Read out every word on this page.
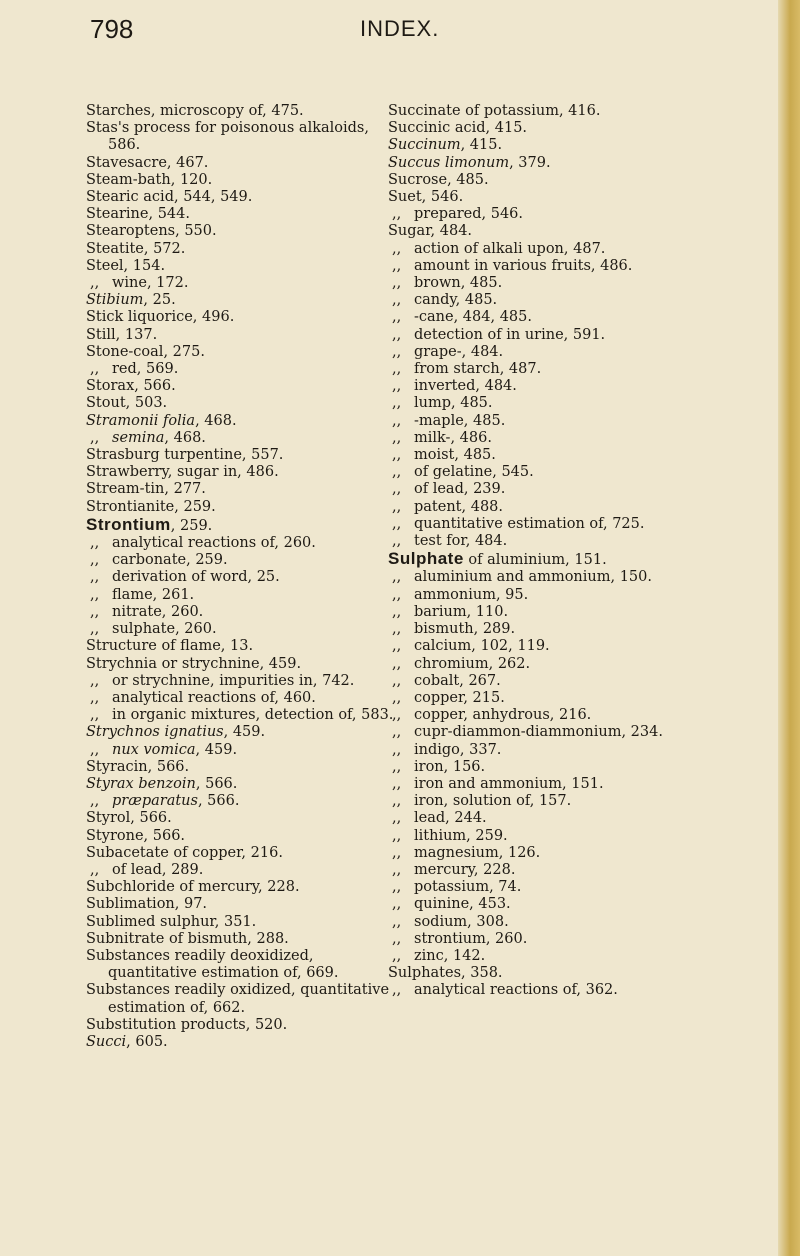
798	INDEX.
Starches, microscopy of, 475.
Stas's process for poisonous alkaloids, 586.
Stavesacre, 467.
Steam-bath, 120.
Stearic acid, 544, 549.
Stearine, 544.
Stearoptens, 550.
Steatite, 572.
Steel, 154.
,, wine, 172.
Stibium, 25.
Stick liquorice, 496.
Still, 137.
Stone-coal, 275.
,, red, 569.
Storax, 566.
Stout, 503.
Stramonii folia, 468.
,, semina, 468.
Strasburg turpentine, 557.
Strawberry, sugar in, 486.
Stream-tin, 277.
Strontianite, 259.
Strontium, 259.
,, analytical reactions of, 260.
,, carbonate, 259.
,, derivation of word, 25.
,, flame, 261.
,, nitrate, 260.
,, sulphate, 260.
Structure of flame, 13.
Strychnia or strychnine, 459.
,, or strychnine, impurities in, 742.
,, analytical reactions of, 460.
,, in organic mixtures, detection of, 583.
Strychnos ignatius, 459.
,, nux vomica, 459.
Styracin, 566.
Styrax benzoin, 566.
,, præparatus, 566.
Styrol, 566.
Styrone, 566.
Subacetate of copper, 216.
,, of lead, 289.
Subchloride of mercury, 228.
Sublimation, 97.
Sublimed sulphur, 351.
Subnitrate of bismuth, 288.
Substances readily deoxidized, quantitative estimation of, 669.
Substances readily oxidized, quantitative estimation of, 662.
Substitution products, 520.
Succi, 605.
Succinate of potassium, 416.
Succinic acid, 415.
Succinum, 415.
Succus limonum, 379.
Sucrose, 485.
Suet, 546.
,, prepared, 546.
Sugar, 484.
,, action of alkali upon, 487.
,, amount in various fruits, 486.
,, brown, 485.
,, candy, 485.
,, -cane, 484, 485.
,, detection of in urine, 591.
,, grape-, 484.
,, from starch, 487.
,, inverted, 484.
,, lump, 485.
,, -maple, 485.
,, milk-, 486.
,, moist, 485.
,, of gelatine, 545.
,, of lead, 239.
,, patent, 488.
,, quantitative estimation of, 725.
,, test for, 484.
Sulphate of aluminium, 151.
,, aluminium and ammonium, 150.
,, ammonium, 95.
,, barium, 110.
,, bismuth, 289.
,, calcium, 102, 119.
,, chromium, 262.
,, cobalt, 267.
,, copper, 215.
,, copper, anhydrous, 216.
,, cupr-diammon-diammonium, 234.
,, indigo, 337.
,, iron, 156.
,, iron and ammonium, 151.
,, iron, solution of, 157.
,, lead, 244.
,, lithium, 259.
,, magnesium, 126.
,, mercury, 228.
,, potassium, 74.
,, quinine, 453.
,, sodium, 308.
,, strontium, 260.
,, zinc, 142.
Sulphates, 358.
,, analytical reactions of, 362.
